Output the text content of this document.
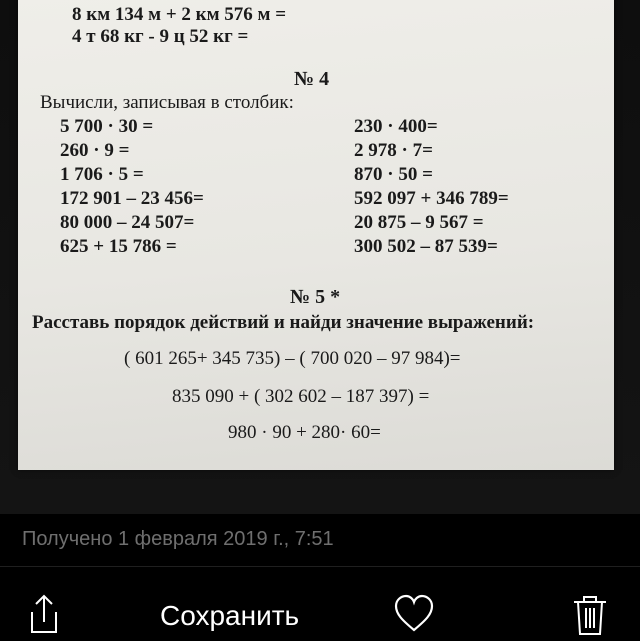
8 км 134 м + 2 км 576 м =
4 т 68 кг - 9 ц 52 кг =
№ 4
Вычисли, записывая в столбик:
5 700 · 30 =
260 · 9 =
1 706 · 5 =
172 901 – 23 456=
80 000 – 24 507=
625 + 15 786 =
230 · 400=
2 978 · 7=
870 · 50 =
592 097 + 346 789=
20 875 – 9 567 =
300 502 – 87 539=
№ 5 *
Расставь порядок действий и найди значение выражений:
( 601 265+ 345 735) – ( 700 020 – 97 984)=
835 090 + ( 302 602 – 187 397) =
980 · 90 + 280· 60=
Получено 1 февраля 2019 г., 7:51
Сохранить
